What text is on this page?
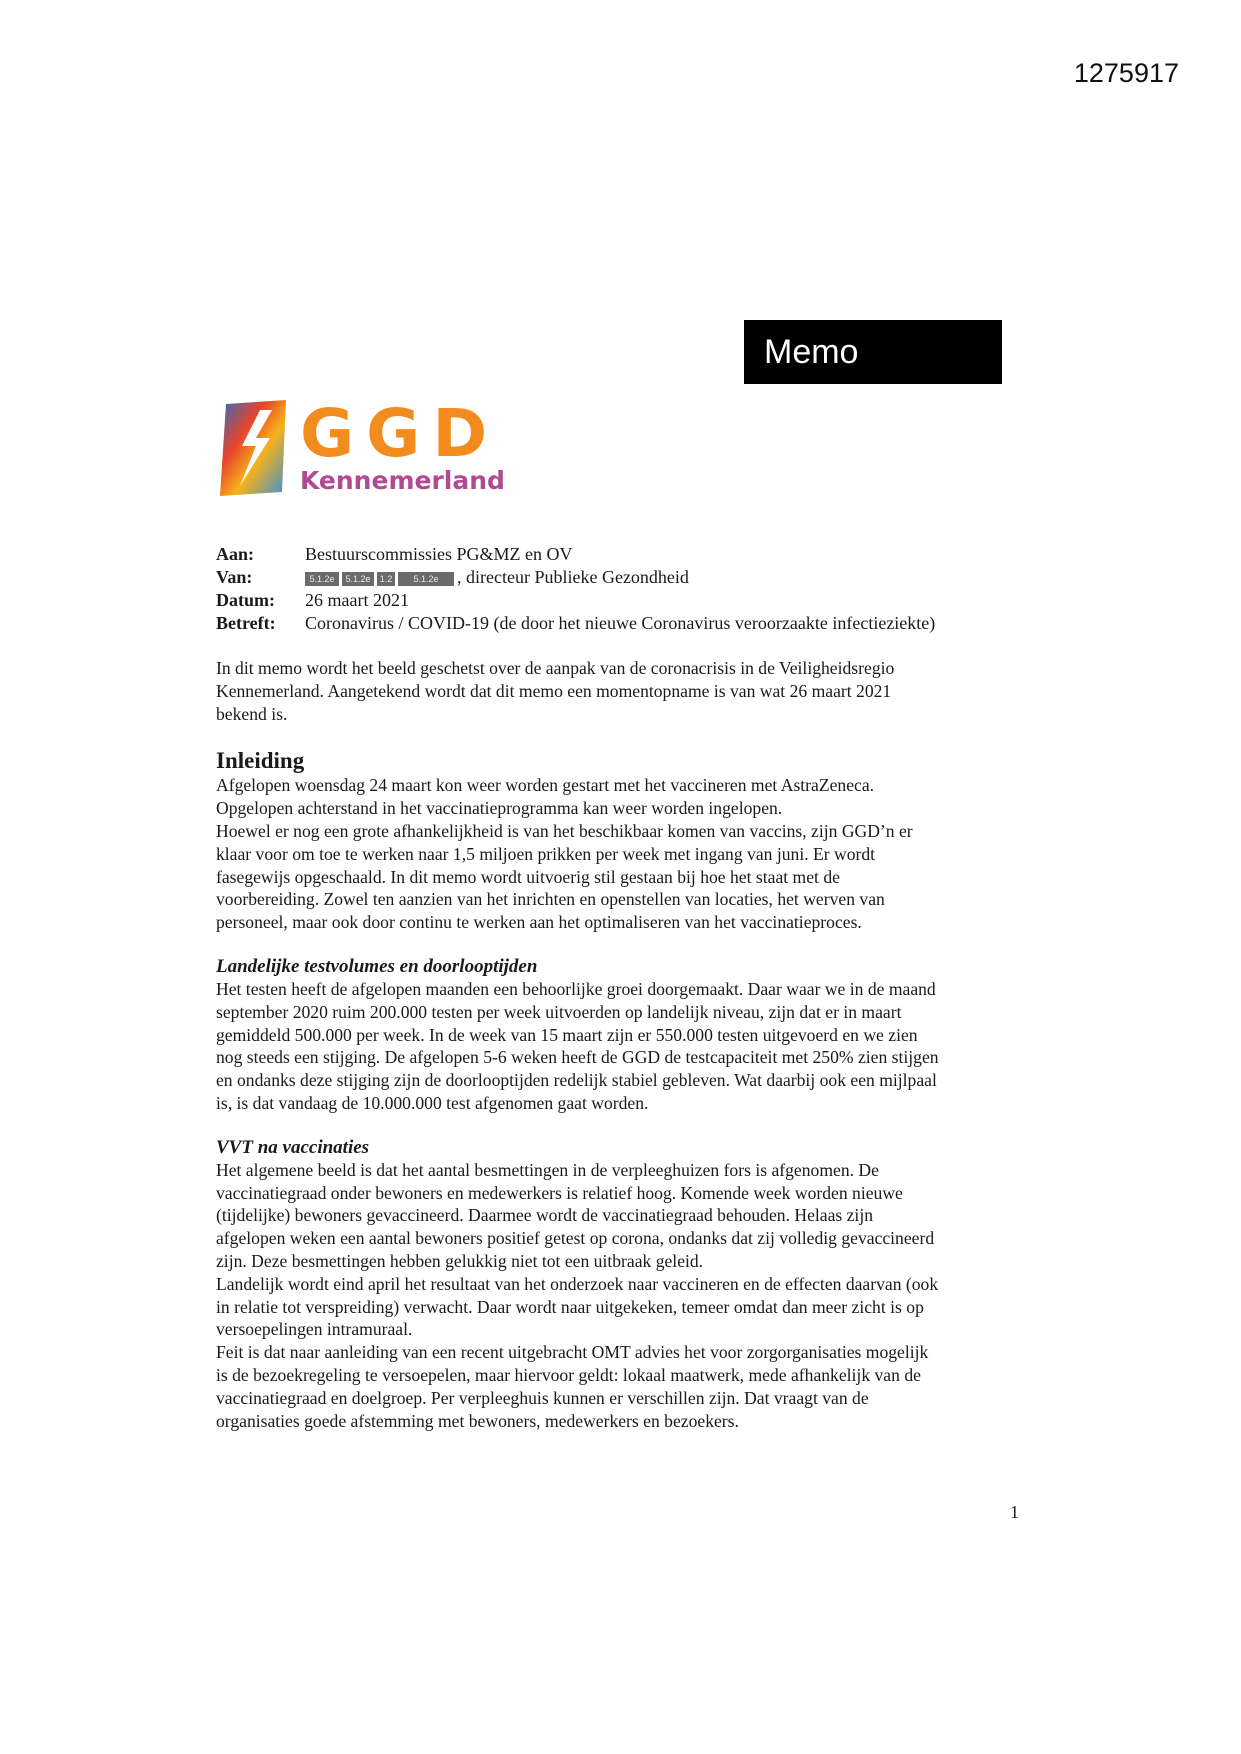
1275917
Memo
GGD
Kennemerland
Aan:	Bestuurscommissies PG&MZ en OV
Van:	5.1.2e 5.1.2e 1.2 5.1.2e , directeur Publieke Gezondheid
Datum:	26 maart 2021
Betreft:	Coronavirus / COVID-19 (de door het nieuwe Coronavirus veroorzaakte infectieziekte)

In dit memo wordt het beeld geschetst over de aanpak van de coronacrisis in de Veiligheidsregio

Kennemerland. Aangetekend wordt dat dit memo een momentopname is van wat 26 maart 2021

bekend is.

Inleiding

Afgelopen woensdag 24 maart kon weer worden gestart met het vaccineren met AstraZeneca.

Opgelopen achterstand in het vaccinatieprogramma kan weer worden ingelopen.

Hoewel er nog een grote afhankelijkheid is van het beschikbaar komen van vaccins, zijn GGD’n er

klaar voor om toe te werken naar 1,5 miljoen prikken per week met ingang van juni. Er wordt

fasegewijs opgeschaald. In dit memo wordt uitvoerig stil gestaan bij hoe het staat met de

voorbereiding. Zowel ten aanzien van het inrichten en openstellen van locaties, het werven van

personeel, maar ook door continu te werken aan het optimaliseren van het vaccinatieproces.

Landelijke testvolumes en doorlooptijden

Het testen heeft de afgelopen maanden een behoorlijke groei doorgemaakt. Daar waar we in de maand

september 2020 ruim 200.000 testen per week uitvoerden op landelijk niveau, zijn dat er in maart

gemiddeld 500.000 per week. In de week van 15 maart zijn er 550.000 testen uitgevoerd en we zien

nog steeds een stijging. De afgelopen 5-6 weken heeft de GGD de testcapaciteit met 250% zien stijgen

en ondanks deze stijging zijn de doorlooptijden redelijk stabiel gebleven. Wat daarbij ook een mijlpaal

is, is dat vandaag de 10.000.000 test afgenomen gaat worden.

VVT na vaccinaties

Het algemene beeld is dat het aantal besmettingen in de verpleeghuizen fors is afgenomen. De

vaccinatiegraad onder bewoners en medewerkers is relatief hoog. Komende week worden nieuwe

(tijdelijke) bewoners gevaccineerd. Daarmee wordt de vaccinatiegraad behouden. Helaas zijn

afgelopen weken een aantal bewoners positief getest op corona, ondanks dat zij volledig gevaccineerd

zijn. Deze besmettingen hebben gelukkig niet tot een uitbraak geleid.

Landelijk wordt eind april het resultaat van het onderzoek naar vaccineren en de effecten daarvan (ook

in relatie tot verspreiding) verwacht. Daar wordt naar uitgekeken, temeer omdat dan meer zicht is op

versoepelingen intramuraal.

Feit is dat naar aanleiding van een recent uitgebracht OMT advies het voor zorgorganisaties mogelijk

is de bezoekregeling te versoepelen, maar hiervoor geldt: lokaal maatwerk, mede afhankelijk van de

vaccinatiegraad en doelgroep. Per verpleeghuis kunnen er verschillen zijn. Dat vraagt van de

organisaties goede afstemming met bewoners, medewerkers en bezoekers.

1
